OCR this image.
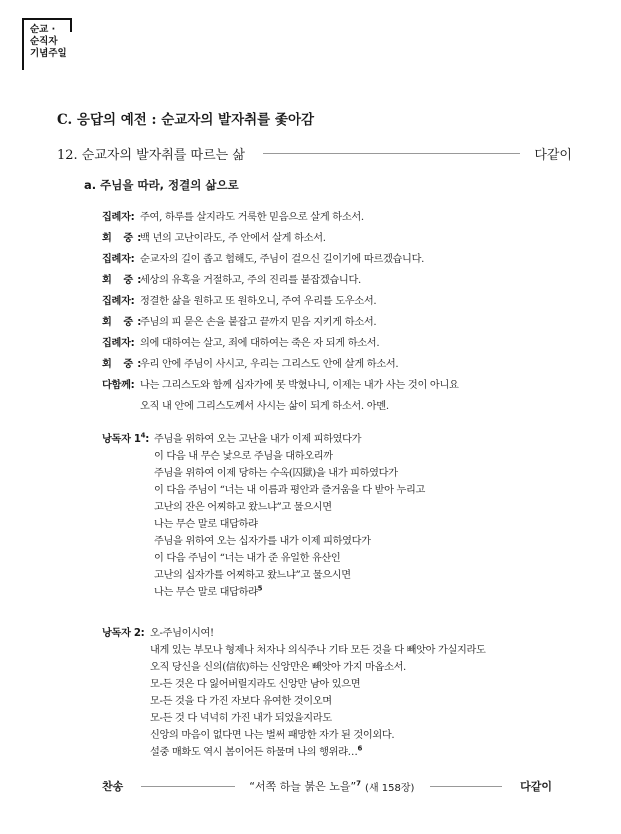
순교 ·
순직자
기념주일
C. 응답의 예전 : 순교자의 발자취를 좇아감
12. 순교자의 발자취를 따르는 삶	다같이
a. 주님을 따라, 정결의 삶으로
집례자: 주여, 하루를 살지라도 거룩한 믿음으로 살게 하소서.
회 중:
백 년의 고난이라도, 주 안에서 살게 하소서.
집례자: 순교자의 길이 좁고 험해도, 주님이 걸으신 길이기에 따르겠습니다.
회 중:
세상의 유혹을 거절하고, 주의 진리를 붙잡겠습니다.
집례자: 정결한 삶을 원하고 또 원하오니, 주여 우리를 도우소서.
회 중:
주님의 피 묻은 손을 붙잡고 끝까지 믿음 지키게 하소서.
집례자: 의에 대하여는 살고, 죄에 대하여는 죽은 자 되게 하소서.
회 중:
우리 안에 주님이 사시고, 우리는 그리스도 안에 살게 하소서.
다함께: 나는 그리스도와 함께 십자가에 못 박혔나니, 이제는 내가 사는 것이 아니요
오직 내 안에 그리스도께서 사시는 삶이 되게 하소서. 아멘.
낭독자 $1^4$: 주님을 위하여 오는 고난을 내가 이제 피하였다가
이 다음 내 무슨 낯으로 주님을 대하오리까
주님을 위하여 이제 당하는 수옥(囚獄)을 내가 피하였다가
이 다음 주님이 “너는 내 이름과 평안과 즐거움을 다 받아 누리고
고난의 잔은 어찌하고 왔느냐”고 물으시면
나는 무슨 말로 대답하랴
주님을 위하여 오는 십자가를 내가 이제 피하였다가
이 다음 주님이 “너는 내가 준 유일한 유산인
고난의 십자가를 어찌하고 왔느냐”고 물으시면
나는 무슨 말로 대답하랴$^5$
낭독자 2: 오-주님이시여!
내게 있는 부모나 형제나 처자나 의식주나 기타 모든 것을 다 빼앗아 가실지라도
오직 당신을 신의(信依)하는 신앙만은 빼앗아 가지 마옵소서.
모-든 것은 다 잃어버릴지라도 신앙만 남아 있으면
모-든 것을 다 가진 자보다 유여한 것이오며
모-든 것 다 넉넉히 가진 내가 되었을지라도
신앙의 마음이 없다면 나는 벌써 패망한 자가 된 것이외다.
설중 매화도 역시 봄이어든 하물며 나의 행위랴…$^6$
찬송	“서쪽 하늘 붉은 노을”$^7$ (새 158장)	다같이
